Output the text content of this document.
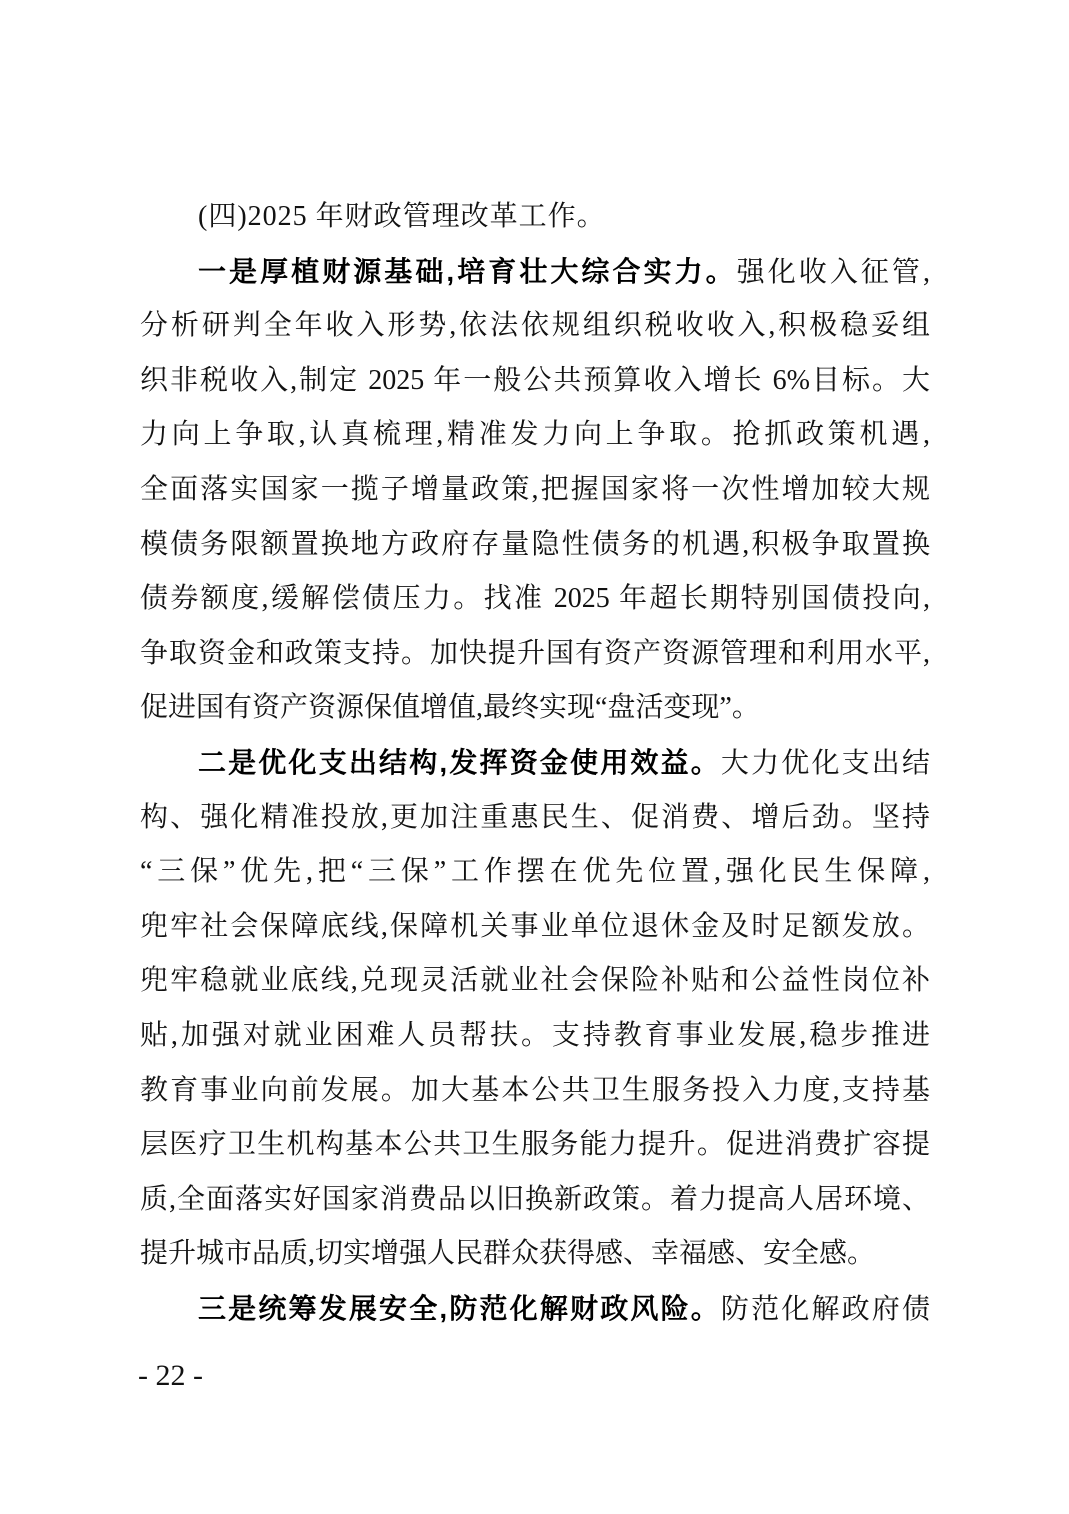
(四)2025 年财政管理改革工作。

一是厚植财源基础,培育壮大综合实力。强化收入征管,

分析研判全年收入形势,依法依规组织税收收入,积极稳妥组

织非税收入,制定 2025 年一般公共预算收入增长 6%目标。大

力向上争取,认真梳理,精准发力向上争取。抢抓政策机遇,

全面落实国家一揽子增量政策,把握国家将一次性增加较大规

模债务限额置换地方政府存量隐性债务的机遇,积极争取置换

债券额度,缓解偿债压力。找准 2025 年超长期特别国债投向,

争取资金和政策支持。加快提升国有资产资源管理和利用水平,

促进国有资产资源保值增值,最终实现“盘活变现”。

二是优化支出结构,发挥资金使用效益。大力优化支出结

构、强化精准投放,更加注重惠民生、促消费、增后劲。坚持

“三保”优先,把“三保”工作摆在优先位置,强化民生保障,

兜牢社会保障底线,保障机关事业单位退休金及时足额发放。

兜牢稳就业底线,兑现灵活就业社会保险补贴和公益性岗位补

贴,加强对就业困难人员帮扶。支持教育事业发展,稳步推进

教育事业向前发展。加大基本公共卫生服务投入力度,支持基

层医疗卫生机构基本公共卫生服务能力提升。促进消费扩容提

质,全面落实好国家消费品以旧换新政策。着力提高人居环境、

提升城市品质,切实增强人民群众获得感、幸福感、安全感。

三是统筹发展安全,防范化解财政风险。防范化解政府债

- 22 -
